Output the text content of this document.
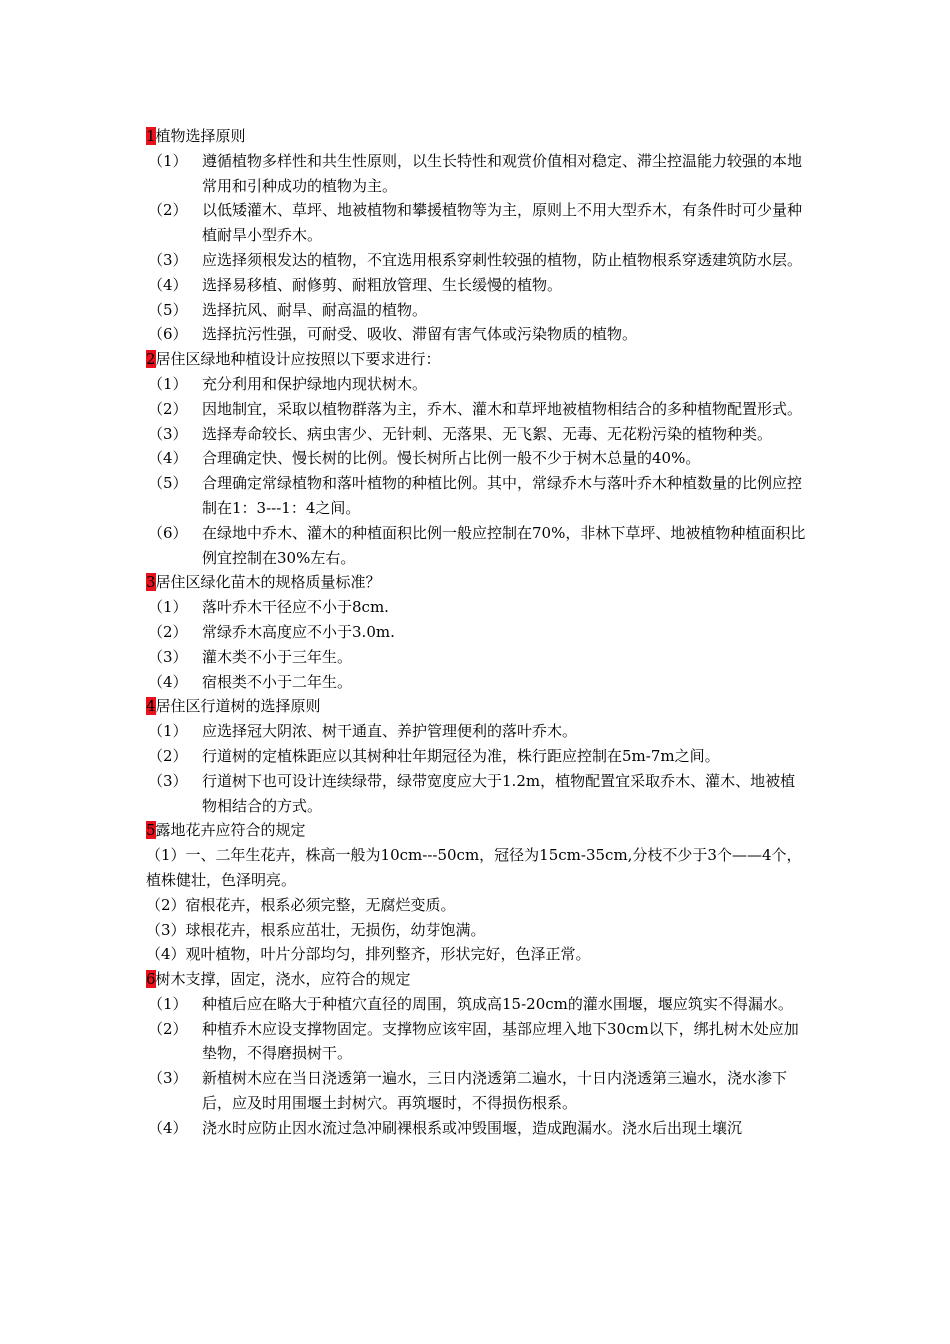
1植物选择原则
（1） 遵循植物多样性和共生性原则，以生长特性和观赏价值相对稳定、滞尘控温能力较强的本地常用和引种成功的植物为主。
（2） 以低矮灌木、草坪、地被植物和攀援植物等为主，原则上不用大型乔木，有条件时可少量种植耐旱小型乔木。
（3） 应选择须根发达的植物，不宜选用根系穿刺性较强的植物，防止植物根系穿透建筑防水层。
（4） 选择易移植、耐修剪、耐粗放管理、生长缓慢的植物。
（5） 选择抗风、耐旱、耐高温的植物。
（6） 选择抗污性强，可耐受、吸收、滞留有害气体或污染物质的植物。
2居住区绿地种植设计应按照以下要求进行：
（1） 充分利用和保护绿地内现状树木。
（2） 因地制宜，采取以植物群落为主，乔木、灌木和草坪地被植物相结合的多种植物配置形式。
（3） 选择寿命较长、病虫害少、无针刺、无落果、无飞絮、无毒、无花粉污染的植物种类。
（4） 合理确定快、慢长树的比例。慢长树所占比例一般不少于树木总量的40%。
（5） 合理确定常绿植物和落叶植物的种植比例。其中，常绿乔木与落叶乔木种植数量的比例应控制在1：3---1：4之间。
（6） 在绿地中乔木、灌木的种植面积比例一般应控制在70%，非林下草坪、地被植物种植面积比例宜控制在30%左右。
3居住区绿化苗木的规格质量标准？
（1） 落叶乔木干径应不小于8cm.
（2） 常绿乔木高度应不小于3.0m.
（3） 灌木类不小于三年生。
（4） 宿根类不小于二年生。
4居住区行道树的选择原则
（1） 应选择冠大阴浓、树干通直、养护管理便利的落叶乔木。
（2） 行道树的定植株距应以其树种壮年期冠径为准，株行距应控制在5m-7m之间。
（3） 行道树下也可设计连续绿带，绿带宽度应大于1.2m，植物配置宜采取乔木、灌木、地被植物相结合的方式。
5露地花卉应符合的规定
（1）一、二年生花卉，株高一般为10cm---50cm，冠径为15cm-35cm,分枝不少于3个——4个，植株健壮，色泽明亮。
（2）宿根花卉，根系必须完整，无腐烂变质。
（3）球根花卉，根系应茁壮，无损伤，幼芽饱满。
（4）观叶植物，叶片分部均匀，排列整齐，形状完好，色泽正常。
6树木支撑，固定，浇水，应符合的规定
（1） 种植后应在略大于种植穴直径的周围，筑成高15-20cm的灌水围堰，堰应筑实不得漏水。
（2） 种植乔木应设支撑物固定。支撑物应该牢固，基部应埋入地下30cm以下，绑扎树木处应加垫物，不得磨损树干。
（3） 新植树木应在当日浇透第一遍水，三日内浇透第二遍水，十日内浇透第三遍水，浇水渗下后，应及时用围堰土封树穴。再筑堰时，不得损伤根系。
（4） 浇水时应防止因水流过急冲刷裸根系或冲毁围堰，造成跑漏水。浇水后出现土壤沉
